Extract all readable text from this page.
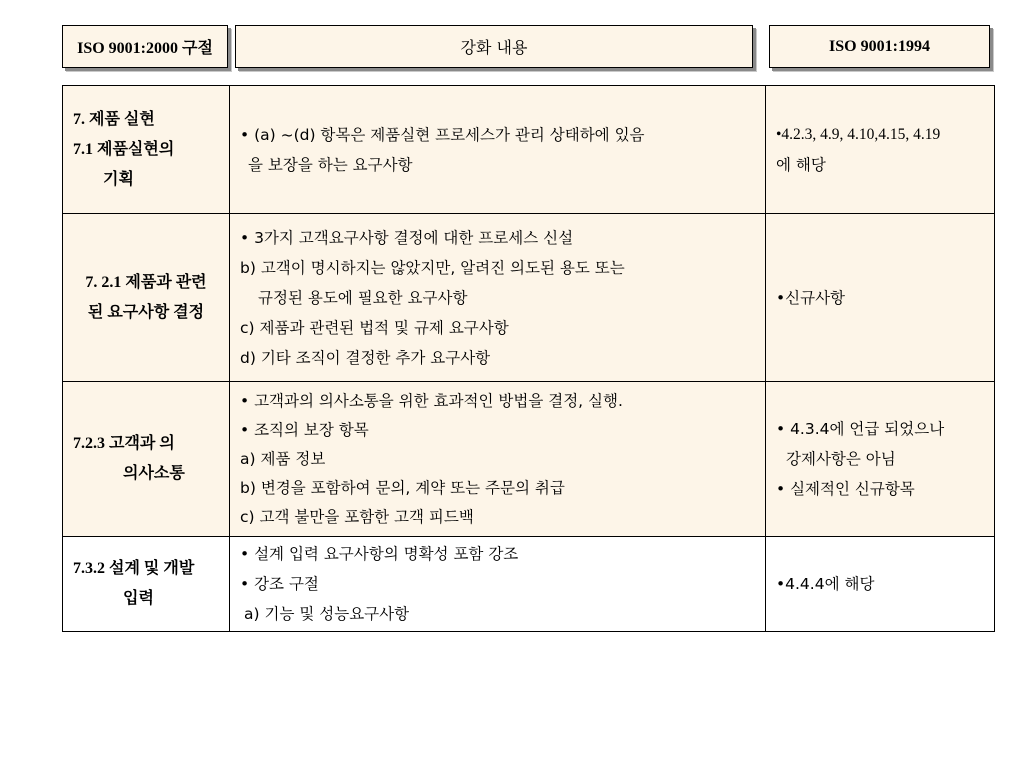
ISO 9001:2000 구절	강화 내용	ISO 9001:1994
7. 제품 실현
7.1 제품실현의
기획	• (a) ~(d) 항목은 제품실현 프로세스가 관리 상태하에 있음
을 보장을 하는 요구사항	•4.2.3, 4.9, 4.10,4.15, 4.19
에 해당

7. 2.1 제품과 관련
된 요구사항 결정	• 3가지 고객요구사항 결정에 대한 프로세스 신설
b) 고객이 명시하지는 않았지만, 알려진 의도된 용도 또는
규정된 용도에 필요한 요구사항
c) 제품과 관련된 법적 및 규제 요구사항
d) 기타 조직이 결정한 추가 요구사항	•신규사항

7.2.3 고객과 의
의사소통	• 고객과의 의사소통을 위한 효과적인 방법을 결정, 실행.
• 조직의 보장 항목
a) 제품 정보
b) 변경을 포함하여 문의, 계약 또는 주문의 취급
c) 고객 불만을 포함한 고객 피드백	• 4.3.4에 언급 되었으나
강제사항은 아님
• 실제적인 신규항목

7.3.2 설계 및 개발
입력	• 설계 입력 요구사항의 명확성 포함 강조
• 강조 구절
a) 기능 및 성능요구사항	•4.4.4에 해당
